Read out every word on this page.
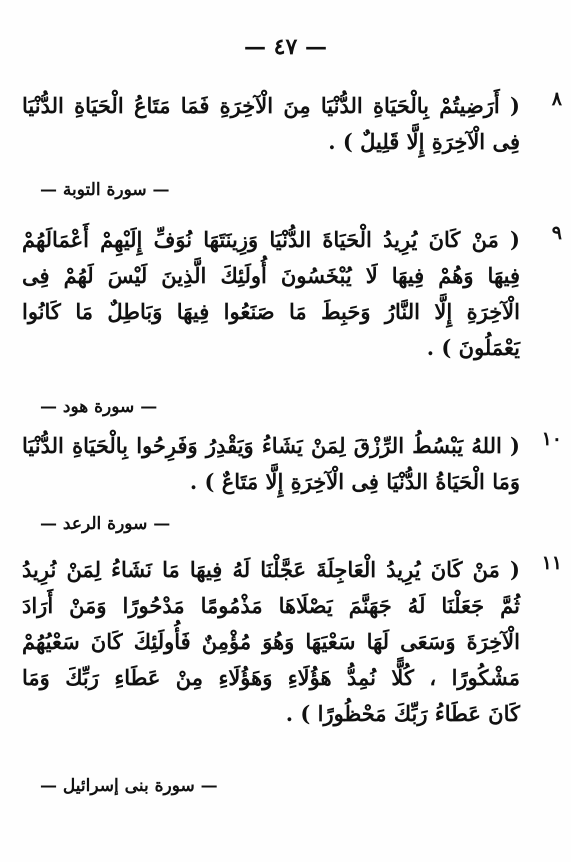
— ٤٧ —
٨
( أَرَضِيتُمْ بِالْحَيَاةِ الدُّنْيَا مِنَ الْآخِرَةِ فَمَا مَتَاعُ الْحَيَاةِ الدُّنْيَا
فِى الْآخِرَةِ إِلَّا قَلِيلٌ ) .
— سورة التوبة —
٩
( مَنْ كَانَ يُرِيدُ الْحَيَاةَ الدُّنْيَا وَزِينَتَهَا نُوَفِّ إِلَيْهِمْ أَعْمَالَهُمْ
فِيهَا وَهُمْ فِيهَا لَا يُبْخَسُونَ أُولَئِكَ الَّذِينَ لَيْسَ لَهُمْ فِى
الْآخِرَةِ إِلَّا النَّارُ وَحَبِطَ مَا صَنَعُوا فِيهَا وَبَاطِلٌ مَا كَانُوا
يَعْمَلُونَ ) .
— سورة هود —
١٠
( اللهُ يَبْسُطُ الرِّزْقَ لِمَنْ يَشَاءُ وَيَقْدِرُ وَفَرِحُوا بِالْحَيَاةِ الدُّنْيَا
وَمَا الْحَيَاةُ الدُّنْيَا فِى الْآخِرَةِ إِلَّا مَتَاعٌ ) .
— سورة الرعد —
١١
( مَنْ كَانَ يُرِيدُ الْعَاجِلَةَ عَجَّلْنَا لَهُ فِيهَا مَا نَشَاءُ لِمَنْ نُرِيدُ
ثُمَّ جَعَلْنَا لَهُ جَهَنَّمَ يَصْلَاهَا مَذْمُومًا مَدْحُورًا وَمَنْ أَرَادَ
الْآخِرَةَ وَسَعَى لَهَا سَعْيَهَا وَهُوَ مُؤْمِنٌ فَأُولَئِكَ كَانَ سَعْيُهُمْ
مَشْكُورًا ، كُلًّا نُمِدُّ هَؤُلَاءِ وَهَؤُلَاءِ مِنْ عَطَاءِ رَبِّكَ وَمَا
كَانَ عَطَاءُ رَبِّكَ مَحْظُورًا ) .
— سورة بنى إسرائيل —
